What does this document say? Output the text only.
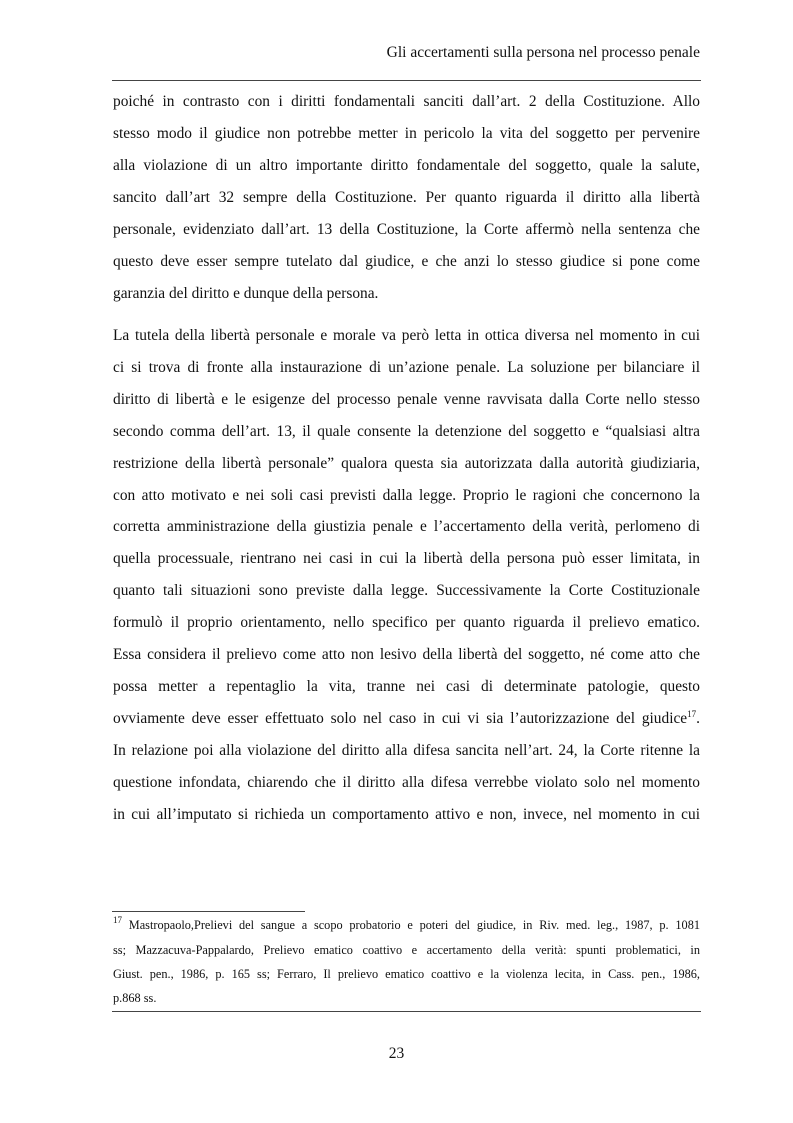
Gli accertamenti sulla persona nel processo penale
poiché in contrasto con i diritti fondamentali sanciti dall’art. 2 della Costituzione. Allo
stesso modo il giudice non potrebbe metter in pericolo la vita del soggetto per pervenire
alla violazione di un altro importante diritto fondamentale del soggetto, quale la salute,
sancito dall’art 32 sempre della Costituzione. Per quanto riguarda il diritto alla libertà
personale, evidenziato dall’art. 13 della Costituzione, la Corte affermò nella sentenza che
questo deve esser sempre tutelato dal giudice, e che anzi lo stesso giudice si pone come
garanzia del diritto e dunque della persona.
La tutela della libertà personale e morale va però letta in ottica diversa nel momento in cui
ci si trova di fronte alla instaurazione di un’azione penale. La soluzione per bilanciare il
diritto di libertà e le esigenze del processo penale venne ravvisata dalla Corte nello stesso
secondo comma dell’art. 13, il quale consente la detenzione del soggetto e “qualsiasi altra
restrizione della libertà personale” qualora questa sia autorizzata dalla autorità giudiziaria,
con atto motivato e nei soli casi previsti dalla legge. Proprio le ragioni che concernono la
corretta amministrazione della giustizia penale e l’accertamento della verità, perlomeno di
quella processuale, rientrano nei casi in cui la libertà della persona può esser limitata, in
quanto tali situazioni sono previste dalla legge. Successivamente la Corte Costituzionale
formulò il proprio orientamento, nello specifico per quanto riguarda il prelievo ematico.
Essa considera il prelievo come atto non lesivo della libertà del soggetto, né come atto che
possa metter a repentaglio la vita, tranne nei casi di determinate patologie, questo
ovviamente deve esser effettuato solo nel caso in cui vi sia l’autorizzazione del giudice$^{17}$.
In relazione poi alla violazione del diritto alla difesa sancita nell’art. 24, la Corte ritenne la
questione infondata, chiarendo che il diritto alla difesa verrebbe violato solo nel momento
in cui all’imputato si richieda un comportamento attivo e non, invece, nel momento in cui
$^{17}$ Mastropaolo,Prelievi del sangue a scopo probatorio e poteri del giudice, in Riv. med. leg., 1987, p. 1081
ss; Mazzacuva-Pappalardo, Prelievo ematico coattivo e accertamento della verità: spunti problematici, in
Giust. pen., 1986, p. 165 ss; Ferraro, Il prelievo ematico coattivo e la violenza lecita, in Cass. pen., 1986,
p.868 ss.
23
